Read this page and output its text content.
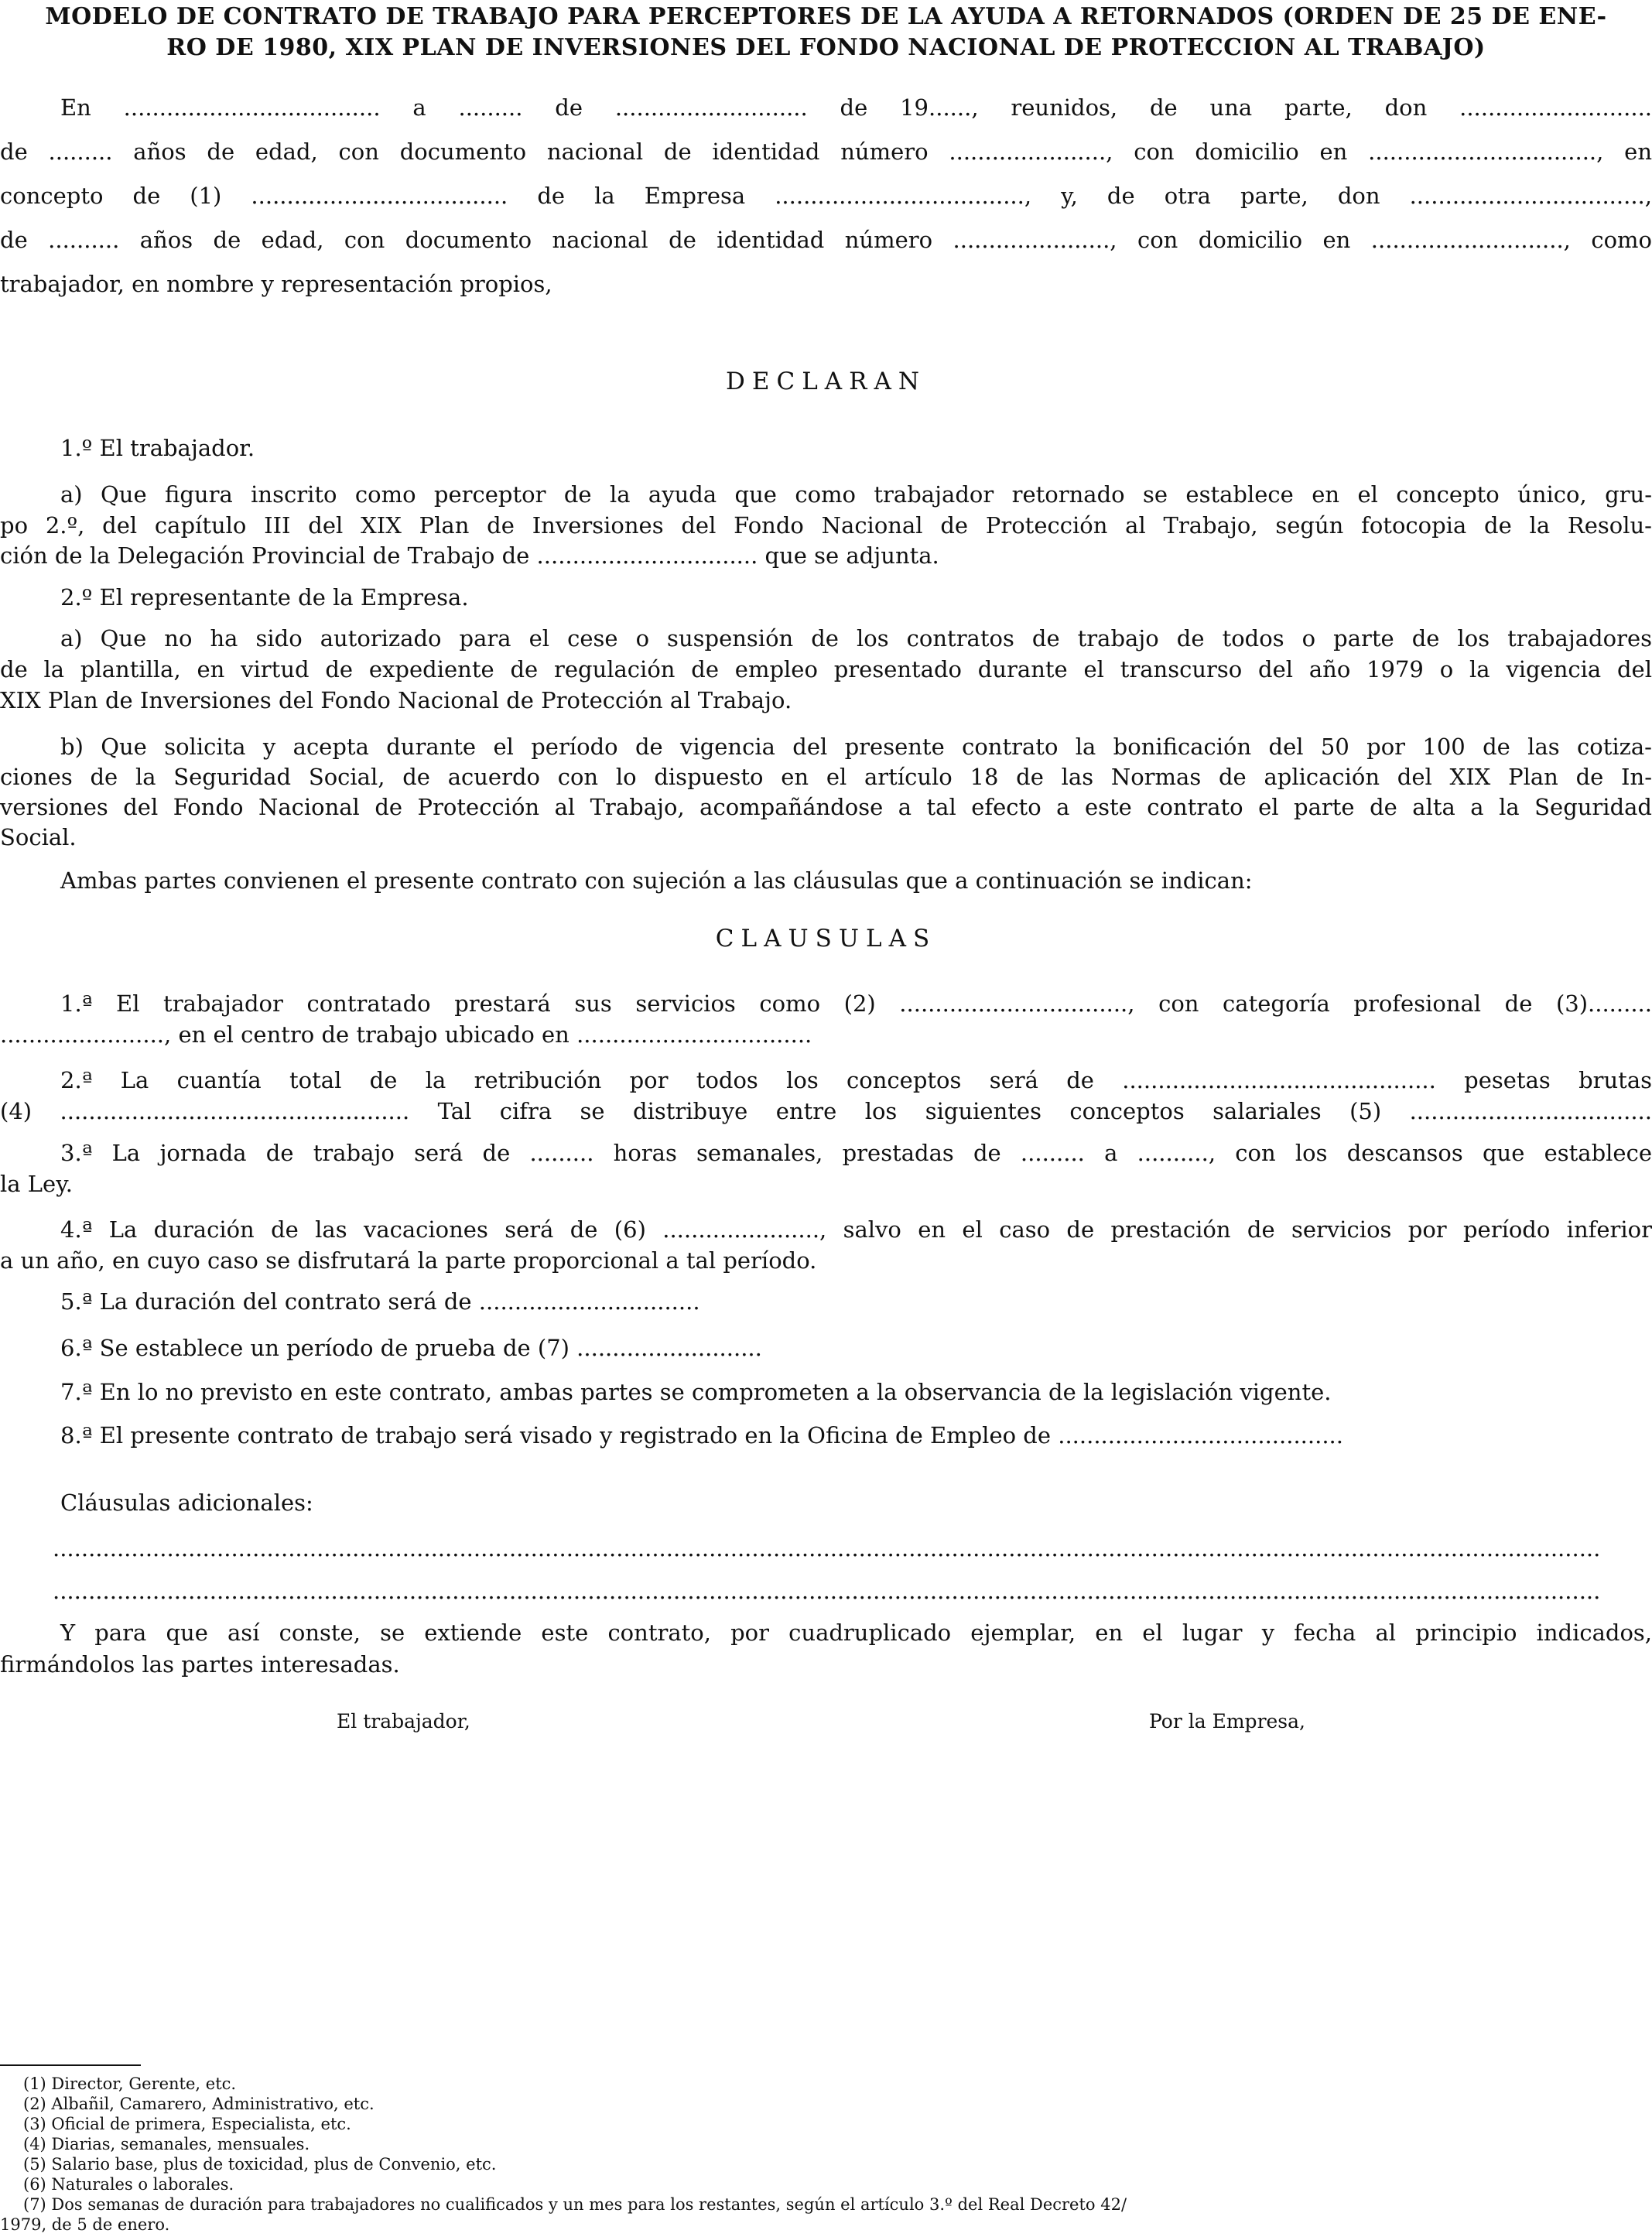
MODELO DE CONTRATO DE TRABAJO PARA PERCEPTORES DE LA AYUDA A RETORNADOS (ORDEN DE 25 DE ENE-
RO DE 1980, XIX PLAN DE INVERSIONES DEL FONDO NACIONAL DE PROTECCION AL TRABAJO)
En .................................... a ......... de ........................... de 19......, reunidos, de una parte, don ...........................
de ......... años de edad, con documento nacional de identidad número ......................, con domicilio en ................................, en
concepto de (1) .................................... de la Empresa ..................................., y, de otra parte, don .................................,
de .......... años de edad, con documento nacional de identidad número ......................, con domicilio en ..........................., como
trabajador, en nombre y representación propios,
DECLARAN
1.º El trabajador.
a) Que figura inscrito como perceptor de la ayuda que como trabajador retornado se establece en el concepto único, gru-
po 2.º, del capítulo III del XIX Plan de Inversiones del Fondo Nacional de Protección al Trabajo, según fotocopia de la Resolu-
ción de la Delegación Provincial de Trabajo de ............................... que se adjunta.
2.º El representante de la Empresa.
a) Que no ha sido autorizado para el cese o suspensión de los contratos de trabajo de todos o parte de los trabajadores
de la plantilla, en virtud de expediente de regulación de empleo presentado durante el transcurso del año 1979 o la vigencia del
XIX Plan de Inversiones del Fondo Nacional de Protección al Trabajo.
b) Que solicita y acepta durante el período de vigencia del presente contrato la bonificación del 50 por 100 de las cotiza-
ciones de la Seguridad Social, de acuerdo con lo dispuesto en el artículo 18 de las Normas de aplicación del XIX Plan de In-
versiones del Fondo Nacional de Protección al Trabajo, acompañándose a tal efecto a este contrato el parte de alta a la Seguridad
Social.
Ambas partes convienen el presente contrato con sujeción a las cláusulas que a continuación se indican:
CLAUSULAS
1.ª El trabajador contratado prestará sus servicios como (2) ................................, con categoría profesional de (3).........
......................., en el centro de trabajo ubicado en .................................
2.ª La cuantía total de la retribución por todos los conceptos será de ............................................ pesetas brutas
(4) ................................................. Tal cifra se distribuye entre los siguientes conceptos salariales (5) ..................................
3.ª La jornada de trabajo será de ......... horas semanales, prestadas de ......... a .........., con los descansos que establece
la Ley.
4.ª La duración de las vacaciones será de (6) ......................, salvo en el caso de prestación de servicios por período inferior
a un año, en cuyo caso se disfrutará la parte proporcional a tal período.
5.ª La duración del contrato será de ...............................
6.ª Se establece un período de prueba de (7) ..........................
7.ª En lo no previsto en este contrato, ambas partes se comprometen a la observancia de la legislación vigente.
8.ª El presente contrato de trabajo será visado y registrado en la Oficina de Empleo de ........................................
Cláusulas adicionales:
.........................................................................................................................................................................................................................
.........................................................................................................................................................................................................................
Y para que así conste, se extiende este contrato, por cuadruplicado ejemplar, en el lugar y fecha al principio indicados,
firmándolos las partes interesadas.
El trabajador,	Por la Empresa,
(1) Director, Gerente, etc.
(2) Albañil, Camarero, Administrativo, etc.
(3) Oficial de primera, Especialista, etc.
(4) Diarias, semanales, mensuales.
(5) Salario base, plus de toxicidad, plus de Convenio, etc.
(6) Naturales o laborales.
(7) Dos semanas de duración para trabajadores no cualificados y un mes para los restantes, según el artículo 3.º del Real Decreto 42/
1979, de 5 de enero.
